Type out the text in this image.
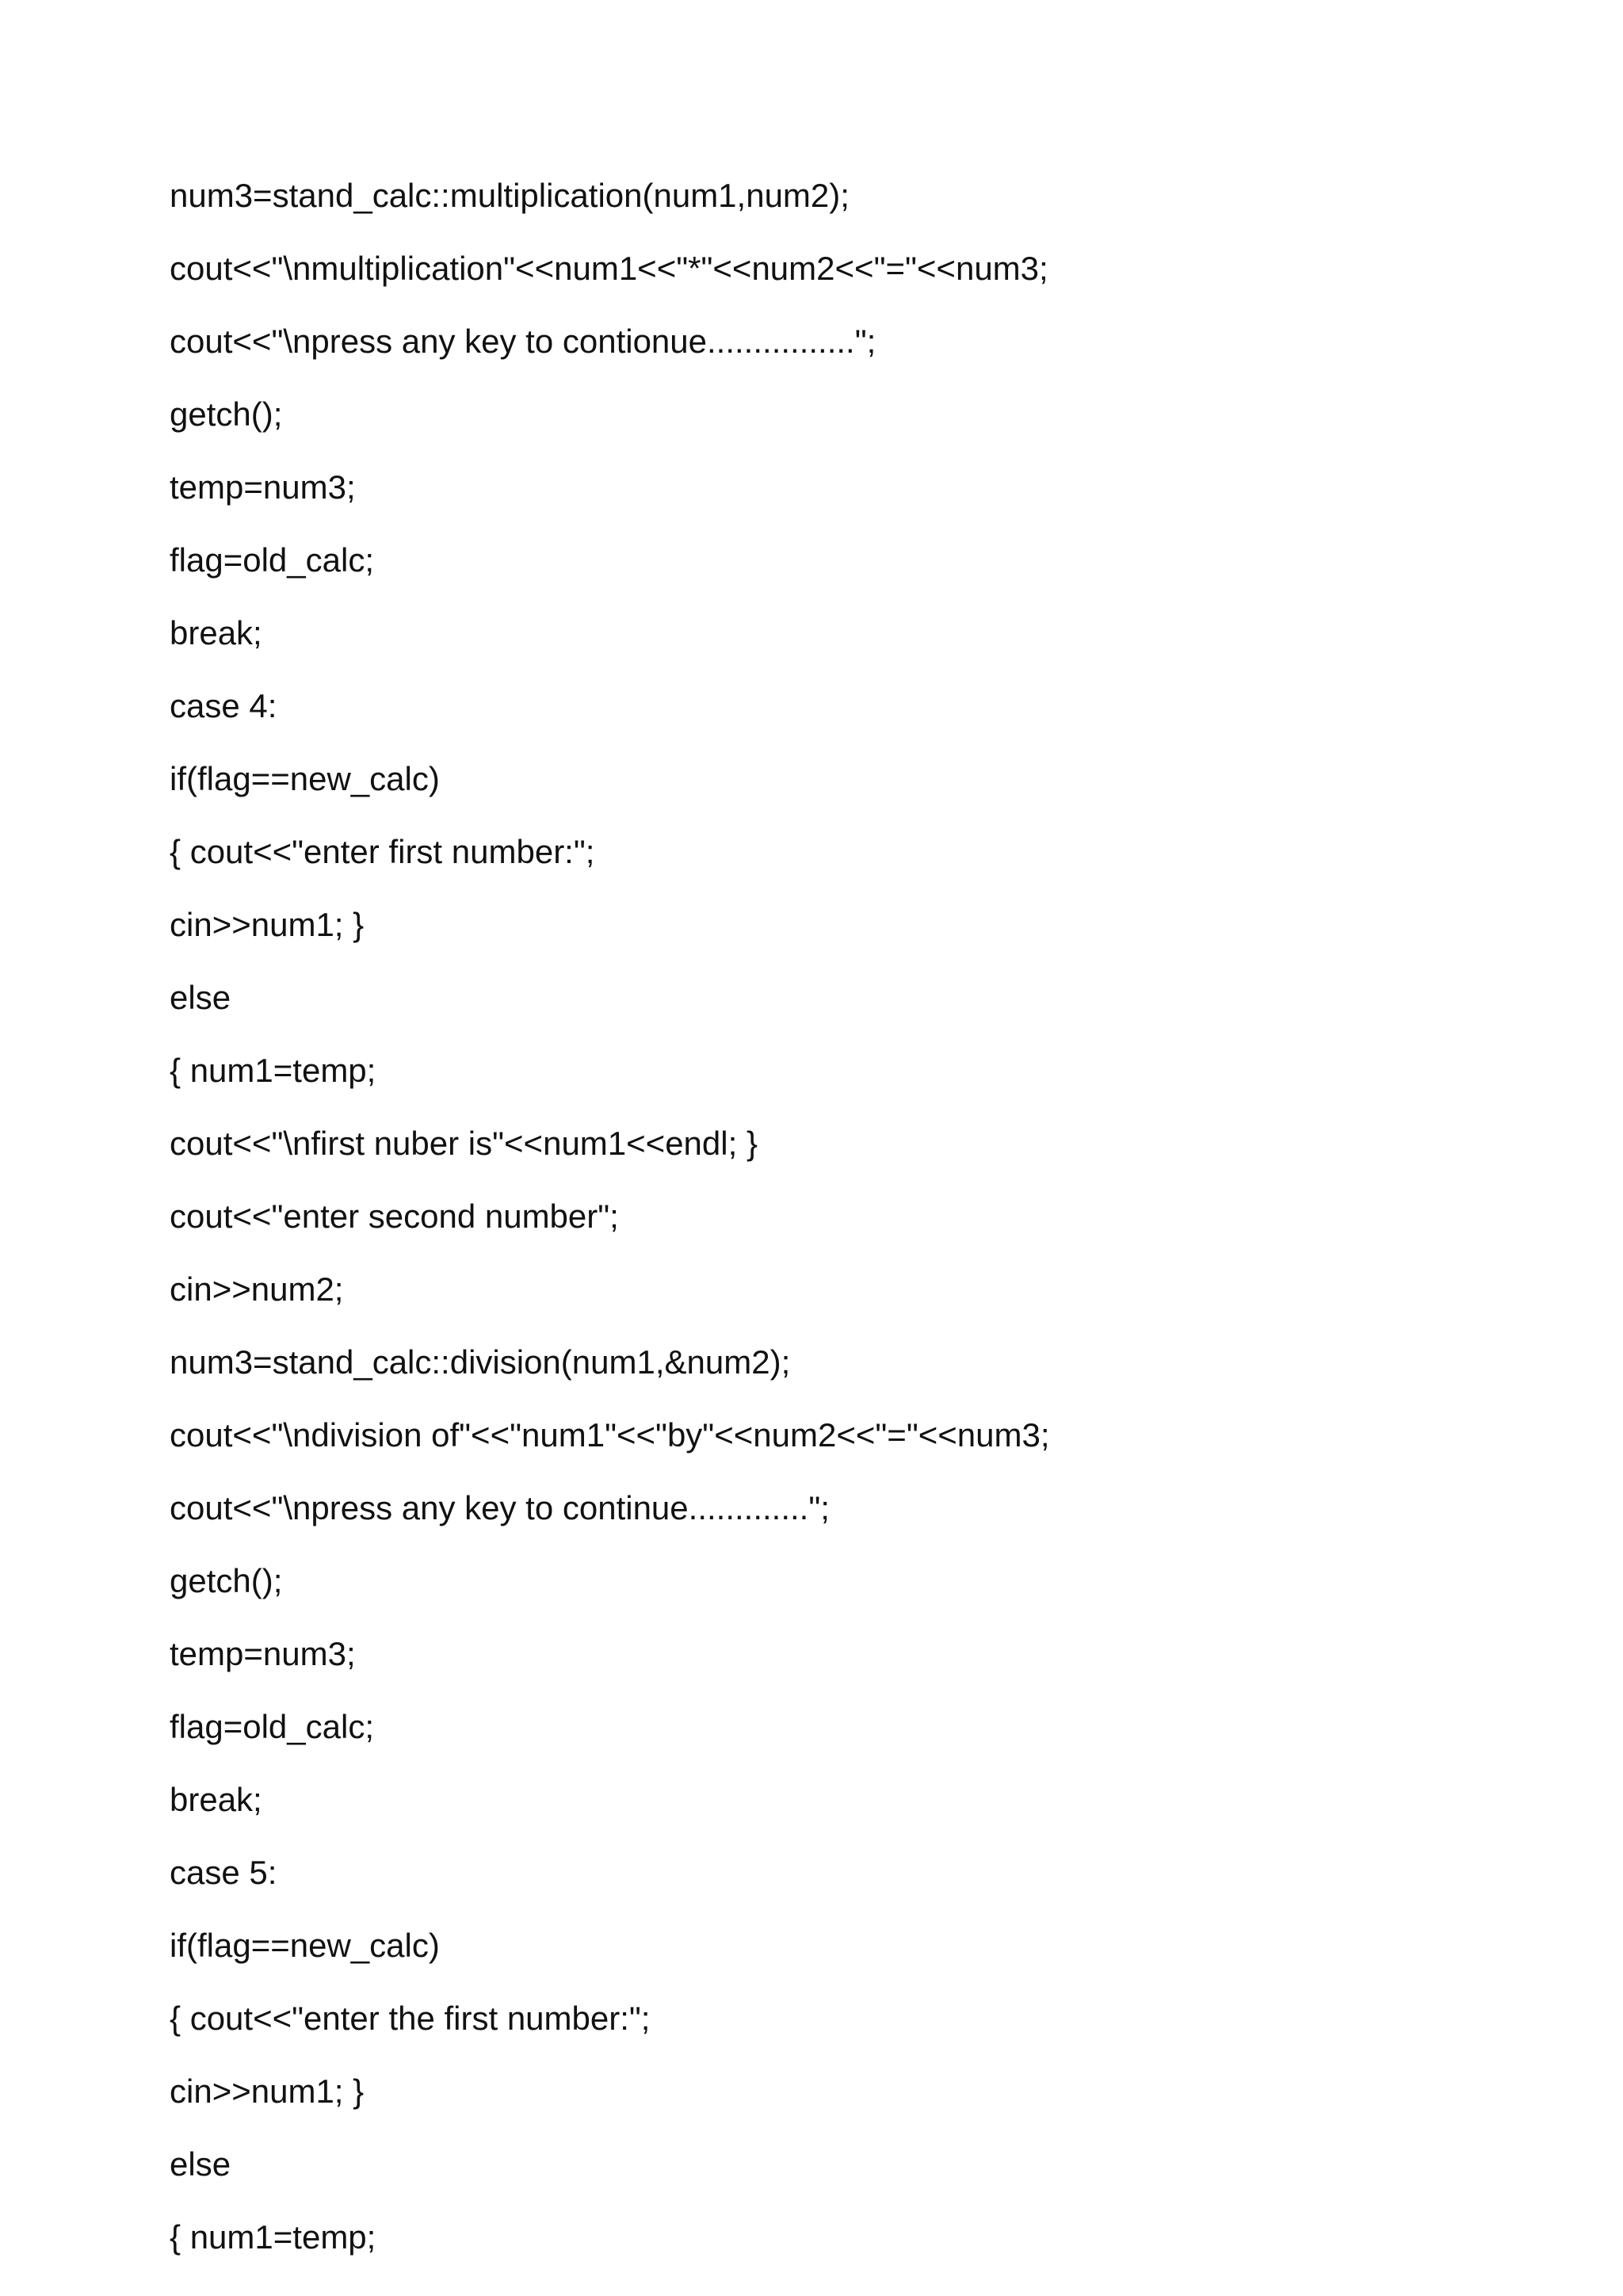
num3=stand_calc::multiplication(num1,num2);
cout<<"\nmultiplication"<<num1<<"*"<<num2<<"="<<num3;
cout<<"\npress any key to contionue................";
getch();
temp=num3;
flag=old_calc;
break;
case 4:
if(flag==new_calc)
{ cout<<"enter first number:";
cin>>num1; }
else
{ num1=temp;
cout<<"\nfirst nuber is"<<num1<<endl; }
cout<<"enter second number";
cin>>num2;
num3=stand_calc::division(num1,&num2);
cout<<"\ndivision of"<<"num1"<<"by"<<num2<<"="<<num3;
cout<<"\npress any key to continue.............";
getch();
temp=num3;
flag=old_calc;
break;
case 5:
if(flag==new_calc)
{ cout<<"enter the first number:";
cin>>num1; }
else
{ num1=temp;
